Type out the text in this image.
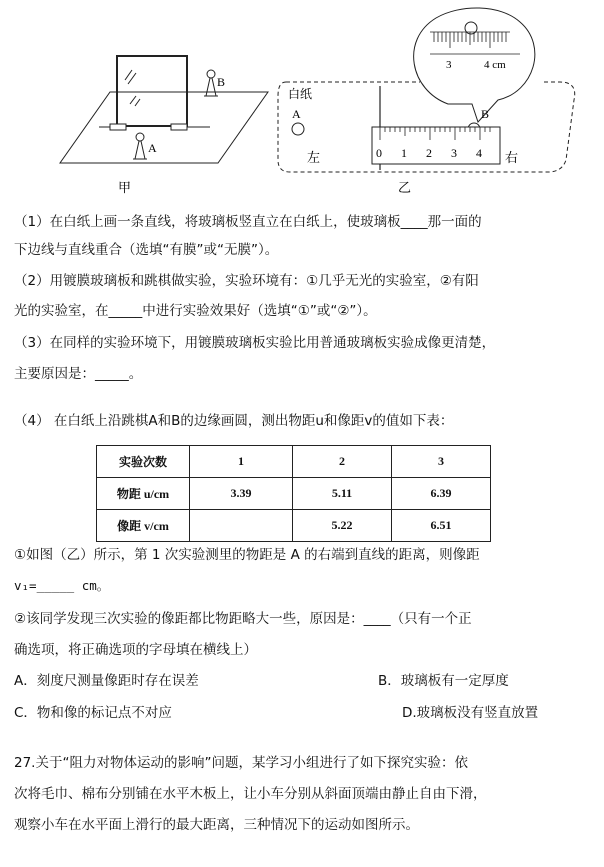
A
B
甲
白纸
A	B
左	右
0 1 2 3 4
3	4 cm
乙
（1）在白纸上画一条直线，将玻璃板竖直立在白纸上，使玻璃板____那一面的
下边线与直线重合（选填“有膜”或“无膜”）。
（2）用镀膜玻璃板和跳棋做实验，实验环境有：①几乎无光的实验室，②有阳
光的实验室，在_____中进行实验效果好（选填“①”或“②”）。
（3）在同样的实验环境下，用镀膜玻璃板实验比用普通玻璃板实验成像更清楚，
主要原因是：_____。
（4） 在白纸上沿跳棋A和B的边缘画圆，测出物距u和像距v的值如下表：
实验次数	1	2	3
物距 u/cm	3.39	5.11	6.39
像距 v/cm		5.22	6.51
①如图（乙）所示，第 1 次实验测里的物距是 A 的右端到直线的距离，则像距
v₁=_____ cm。
②该同学发现三次实验的像距都比物距略大一些，原因是：____（只有一个正
确选项，将正确选项的字母填在横线上）
A．刻度尺测量像距时存在误差	B．玻璃板有一定厚度
C．物和像的标记点不对应	D.玻璃板没有竖直放置
27.关于“阻力对物体运动的影响”问题，某学习小组进行了如下探究实验：依
次将毛巾、棉布分别铺在水平木板上，让小车分别从斜面顶端由静止自由下滑，
观察小车在水平面上滑行的最大距离，三种情况下的运动如图所示。
